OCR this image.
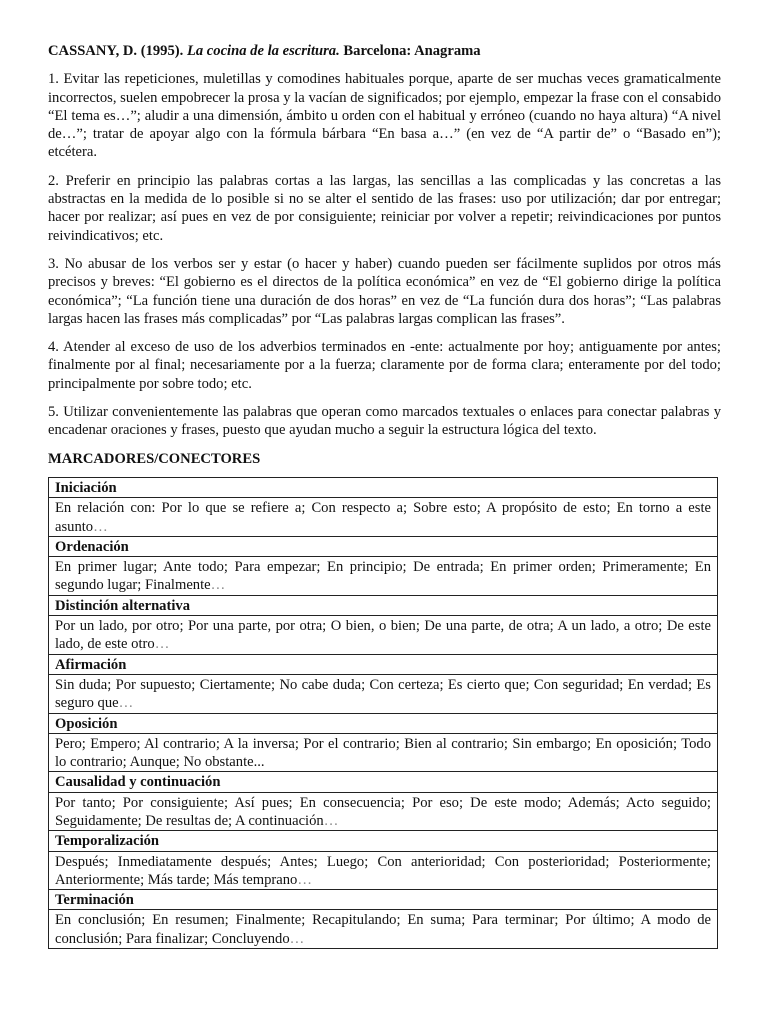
CASSANY, D. (1995). La cocina de la escritura. Barcelona: Anagrama

1. Evitar las repeticiones, muletillas y comodines habituales porque, aparte de ser muchas veces gramaticalmente incorrectos, suelen empobrecer la prosa y la vacían de significados; por ejemplo, empezar la frase con el consabido “El tema es…”; aludir a una dimensión, ámbito u orden con el habitual y erróneo (cuando no haya altura) “A nivel de…”; tratar de apoyar algo con la fórmula bárbara “En basa a…” (en vez de “A partir de” o “Basado en”); etcétera.

2. Preferir en principio las palabras cortas a las largas, las sencillas a las complicadas y las concretas a las abstractas en la medida de lo posible si no se alter el sentido de las frases: uso por utilización; dar por entregar; hacer por realizar; así pues en vez de por consiguiente; reiniciar por volver a repetir; reivindicaciones por puntos reivindicativos; etc.

3. No abusar de los verbos ser y estar (o hacer y haber) cuando pueden ser fácilmente suplidos por otros más precisos y breves: “El gobierno es el directos de la política económica” en vez de “El gobierno dirige la política económica”; “La función tiene una duración de dos horas” en vez de “La función dura dos horas”; “Las palabras largas hacen las frases más complicadas” por “Las palabras largas complican las frases”.

4. Atender al exceso de uso de los adverbios terminados en -ente: actualmente por hoy; antiguamente por antes; finalmente por al final; necesariamente por a la fuerza; claramente por de forma clara; enteramente por del todo; principalmente por sobre todo; etc.

5. Utilizar convenientemente las palabras que operan como marcados textuales o enlaces para conectar palabras y encadenar oraciones y frases, puesto que ayudan mucho a seguir la estructura lógica del texto.

MARCADORES/CONECTORES
Iniciación
En relación con: Por lo que se refiere a; Con respecto a; Sobre esto; A propósito de esto; En torno a este asunto…
Ordenación
En primer lugar; Ante todo; Para empezar; En principio; De entrada; En primer orden; Primeramente; En segundo lugar; Finalmente…
Distinción alternativa
Por un lado, por otro; Por una parte, por otra; O bien, o bien; De una parte, de otra; A un lado, a otro; De este lado, de este otro…
Afirmación
Sin duda; Por supuesto; Ciertamente; No cabe duda; Con certeza; Es cierto que; Con seguridad; En verdad; Es seguro que…
Oposición
Pero; Empero; Al contrario; A la inversa; Por el contrario; Bien al contrario; Sin embargo; En oposición; Todo lo contrario; Aunque; No obstante...
Causalidad y continuación
Por tanto; Por consiguiente; Así pues; En consecuencia; Por eso; De este modo; Además; Acto seguido; Seguidamente; De resultas de; A continuación…
Temporalización
Después; Inmediatamente después; Antes; Luego; Con anterioridad; Con posterioridad; Posteriormente; Anteriormente; Más tarde; Más temprano…
Terminación
En conclusión; En resumen; Finalmente; Recapitulando; En suma; Para terminar; Por último; A modo de conclusión; Para finalizar; Concluyendo…
